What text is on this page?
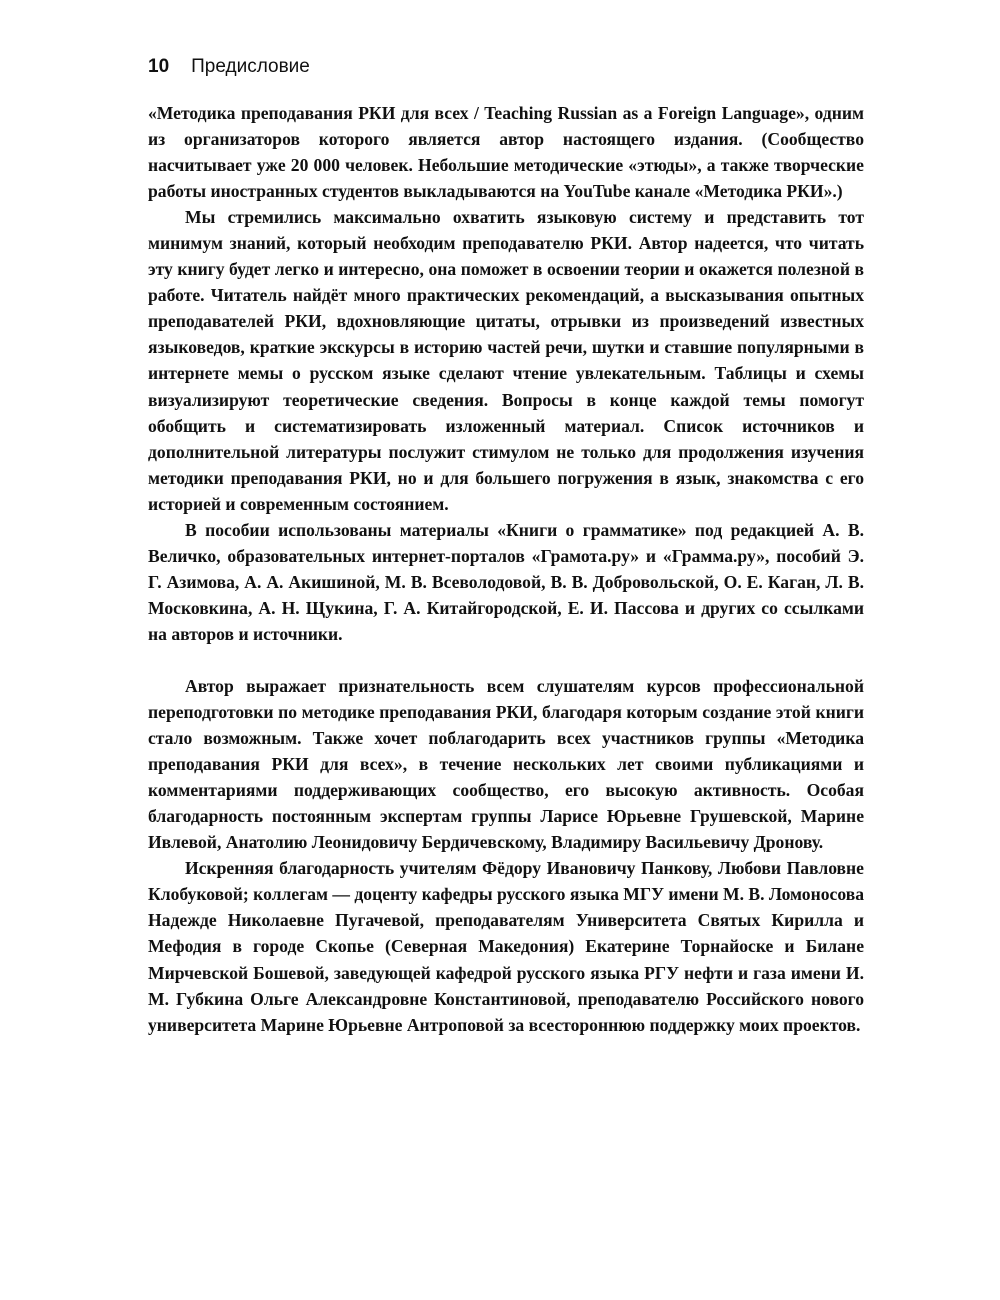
10 Предисловие

«Методика преподавания РКИ для всех / Teaching Russian as a Foreign Language», одним из организаторов которого является автор настоящего издания. (Сообщество насчитывает уже 20 000 человек. Небольшие методические «этюды», а также творческие работы иностранных студентов выкладываются на YouTube канале «Методика РКИ».)

Мы стремились максимально охватить языковую систему и представить тот минимум знаний, который необходим преподавателю РКИ. Автор надеется, что читать эту книгу будет легко и интересно, она поможет в освоении теории и окажется полезной в работе. Читатель найдёт много практических рекомендаций, а высказывания опытных преподавателей РКИ, вдохновляющие цитаты, отрывки из произведений известных языковедов, краткие экскурсы в историю частей речи, шутки и ставшие популярными в интернете мемы о русском языке сделают чтение увлекательным. Таблицы и схемы визуализируют теоретические сведения. Вопросы в конце каждой темы помогут обобщить и систематизировать изложенный материал. Список источников и дополнительной литературы послужит стимулом не только для продолжения изучения методики преподавания РКИ, но и для большего погружения в язык, знакомства с его историей и современным состоянием.

В пособии использованы материалы «Книги о грамматике» под редакцией А. В. Величко, образовательных интернет-порталов «Грамота.ру» и «Грамма.ру», пособий Э. Г. Азимова, А. А. Акишиной, М. В. Всеволодовой, В. В. Добровольской, О. Е. Каган, Л. В. Московкина, А. Н. Щукина, Г. А. Китайгородской, Е. И. Пассова и других со ссылками на авторов и источники.

Автор выражает признательность всем слушателям курсов профессиональной переподготовки по методике преподавания РКИ, благодаря которым создание этой книги стало возможным. Также хочет поблагодарить всех участников группы «Методика преподавания РКИ для всех», в течение нескольких лет своими публикациями и комментариями поддерживающих сообщество, его высокую активность. Особая благодарность постоянным экспертам группы Ларисе Юрьевне Грушевской, Марине Ивлевой, Анатолию Леонидовичу Бердичевскому, Владимиру Васильевичу Дронову.

Искренняя благодарность учителям Фёдору Ивановичу Панкову, Любови Павловне Клобуковой; коллегам — доценту кафедры русского языка МГУ имени М. В. Ломоносова Надежде Николаевне Пугачевой, преподавателям Университета Святых Кирилла и Мефодия в городе Скопье (Северная Македония) Екатерине Торнайоске и Билане Мирчевской Бошевой, заведующей кафедрой русского языка РГУ нефти и газа имени И. М. Губкина Ольге Александровне Константиновой, преподавателю Российского нового университета Марине Юрьевне Антроповой за всестороннюю поддержку моих проектов.
